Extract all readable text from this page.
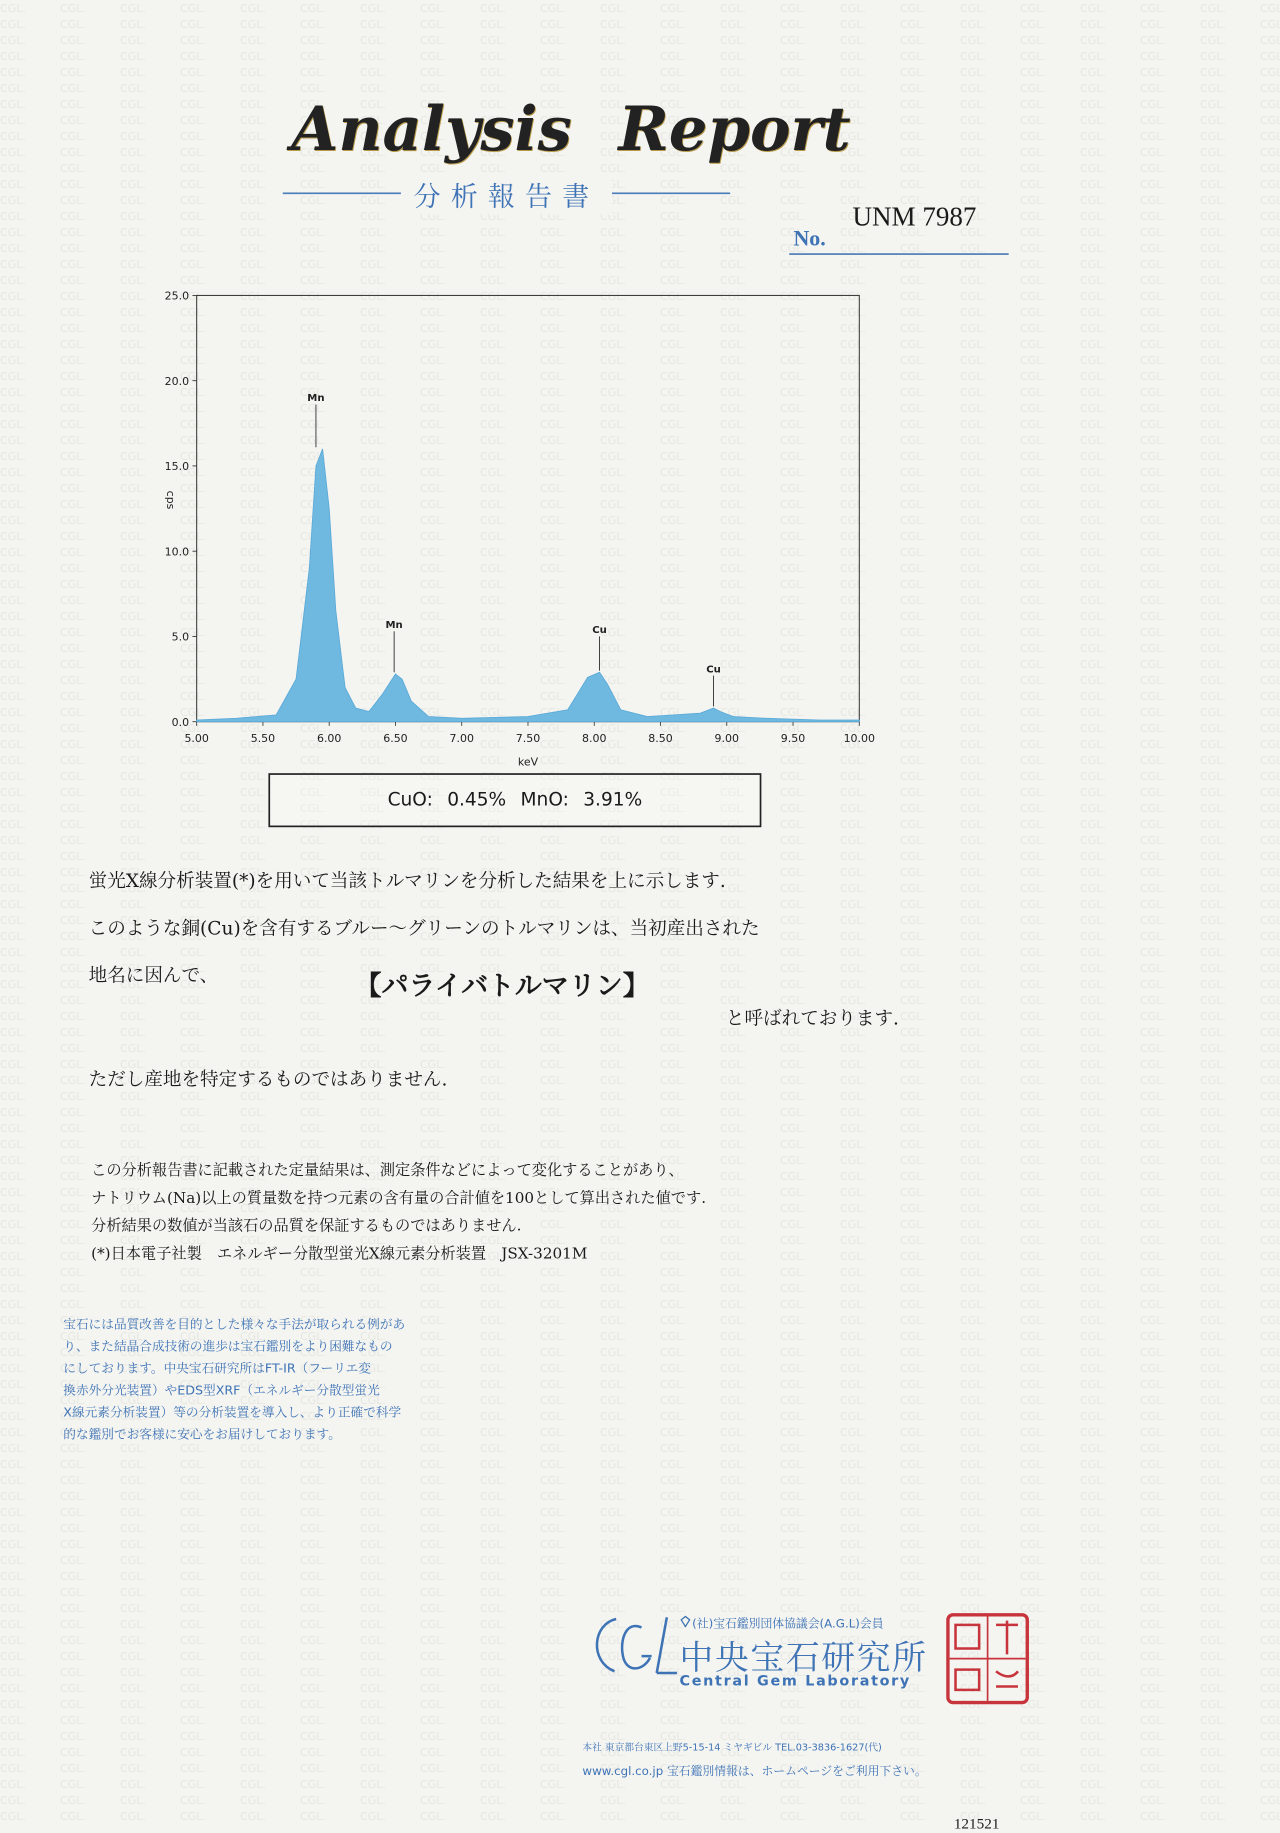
Analysis Report
分析報告書
UNM 7987
No.
5.00	5.50	6.00	6.50	7.00	7.50	8.00	8.50	9.00	9.50	10.00
0.0
5.0
10.0
15.0
20.0
25.0
keV
cps
Mn
Mn	Cu
Cu
CuO: 0.45% MnO: 3.91%
蛍光X線分析装置(*)を用いて当該トルマリンを分析した結果を上に示します.
このような銅(Cu)を含有するブルー〜グリーンのトルマリンは、当初産出された
地名に因んで、	【パライバトルマリン】
と呼ばれております.
ただし産地を特定するものではありません.
この分析報告書に記載された定量結果は、測定条件などによって変化することがあり、
ナトリウム(Na)以上の質量数を持つ元素の含有量の合計値を100として算出された値です.
分析結果の数値が当該石の品質を保証するものではありません.
(*)日本電子社製　エネルギー分散型蛍光X線元素分析装置　JSX-3201M
宝石には品質改善を目的とした様々な手法が取られる例があ
り、また結晶合成技術の進歩は宝石鑑別をより困難なもの
にしております。中央宝石研究所はFT-IR（フーリエ変
換赤外分光装置）やEDS型XRF（エネルギー分散型蛍光
X線元素分析装置）等の分析装置を導入し、より正確で科学
的な鑑別でお客様に安心をお届けしております。
(社)宝石鑑別団体協議会(A.G.L)会員
中央宝石研究所
Central Gem Laboratory
本社 東京都台東区上野5-15-14 ミヤギビル TEL.03-3836-1627(代)
www.cgl.co.jp 宝石鑑別情報は、ホームページをご利用下さい。
121521
